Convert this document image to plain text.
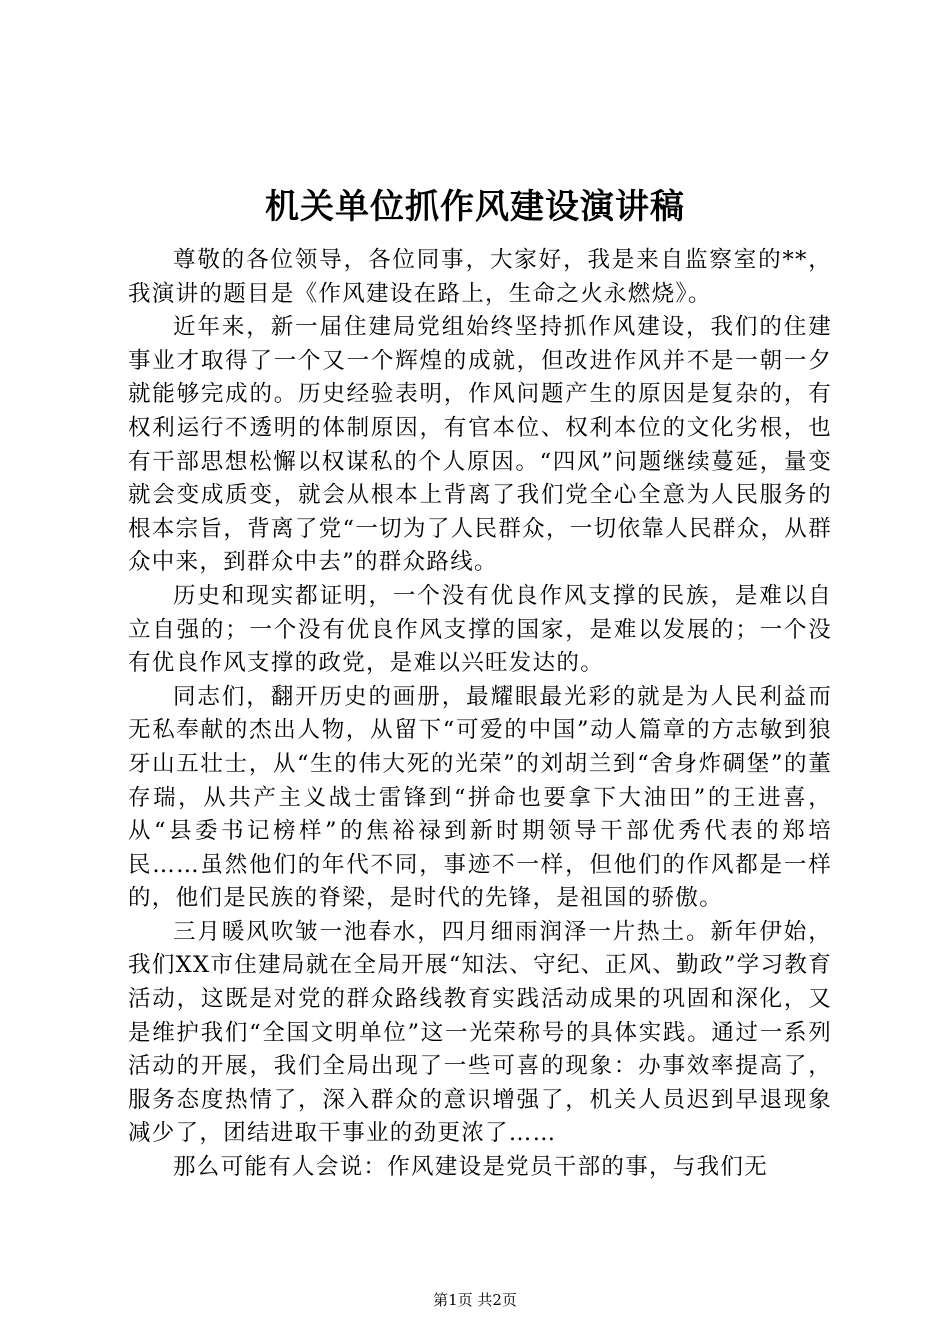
机关单位抓作风建设演讲稿

尊敬的各位领导，各位同事，大家好，我是来自监察室的**，我演讲的题目是《作风建设在路上，生命之火永燃烧》。

近年来，新一届住建局党组始终坚持抓作风建设，我们的住建事业才取得了一个又一个辉煌的成就，但改进作风并不是一朝一夕就能够完成的。历史经验表明，作风问题产生的原因是复杂的，有权利运行不透明的体制原因，有官本位、权利本位的文化劣根，也有干部思想松懈以权谋私的个人原因。“四风”问题继续蔓延，量变就会变成质变，就会从根本上背离了我们党全心全意为人民服务的根本宗旨，背离了党“一切为了人民群众，一切依靠人民群众，从群众中来，到群众中去”的群众路线。

历史和现实都证明，一个没有优良作风支撑的民族，是难以自立自强的；一个没有优良作风支撑的国家，是难以发展的；一个没有优良作风支撑的政党，是难以兴旺发达的。

同志们，翻开历史的画册，最耀眼最光彩的就是为人民利益而无私奉献的杰出人物，从留下“可爱的中国”动人篇章的方志敏到狼牙山五壮士，从“生的伟大死的光荣”的刘胡兰到“舍身炸碉堡”的董存瑞，从共产主义战士雷锋到“拼命也要拿下大油田”的王进喜，从“县委书记榜样”的焦裕禄到新时期领导干部优秀代表的郑培民……虽然他们的年代不同，事迹不一样，但他们的作风都是一样的，他们是民族的脊梁，是时代的先锋，是祖国的骄傲。

三月暖风吹皱一池春水，四月细雨润泽一片热土。新年伊始，我们XX市住建局就在全局开展“知法、守纪、正风、勤政”学习教育活动，这既是对党的群众路线教育实践活动成果的巩固和深化，又是维护我们“全国文明单位”这一光荣称号的具体实践。通过一系列活动的开展，我们全局出现了一些可喜的现象：办事效率提高了，服务态度热情了，深入群众的意识增强了，机关人员迟到早退现象减少了，团结进取干事业的劲更浓了……

那么可能有人会说：作风建设是党员干部的事，与我们无

第1页 共2页
